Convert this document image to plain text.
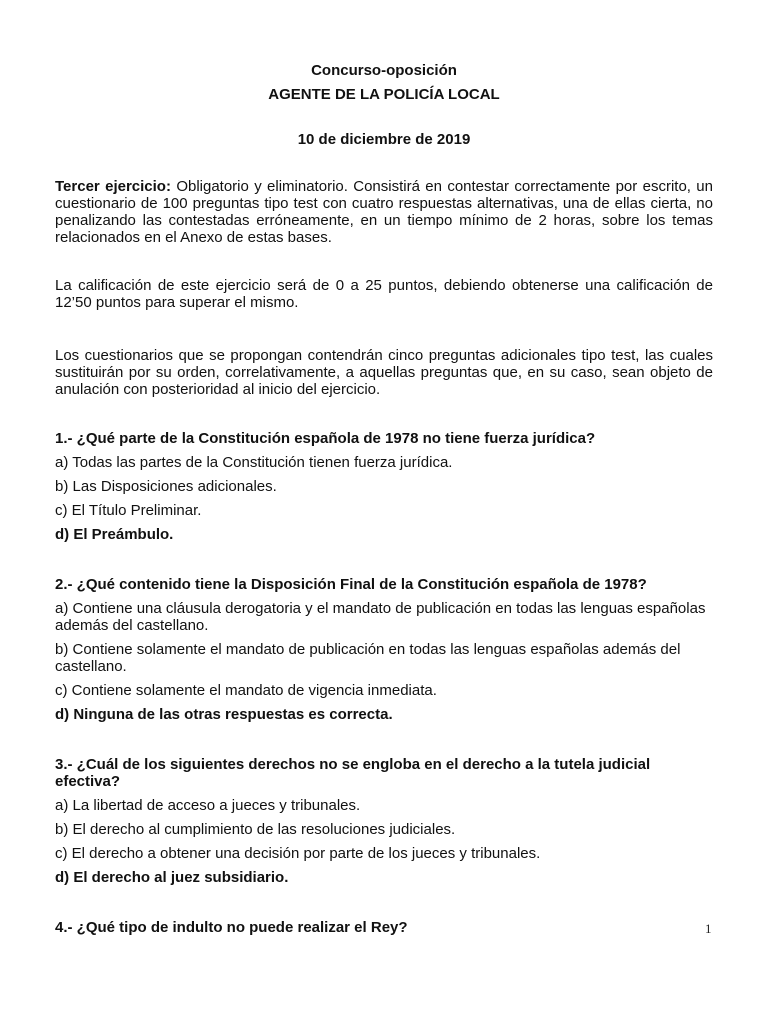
Concurso-oposición
AGENTE DE LA POLICÍA LOCAL
10 de diciembre de 2019

Tercer ejercicio: Obligatorio y eliminatorio. Consistirá en contestar correctamente por escrito, un cuestionario de 100 preguntas tipo test con cuatro respuestas alternativas, una de ellas cierta, no penalizando las contestadas erróneamente, en un tiempo mínimo de 2 horas, sobre los temas relacionados en el Anexo de estas bases.

La calificación de este ejercicio será de 0 a 25 puntos, debiendo obtenerse una calificación de 12’50 puntos para superar el mismo.

Los cuestionarios que se propongan contendrán cinco preguntas adicionales tipo test, las cuales sustituirán por su orden, correlativamente, a aquellas preguntas que, en su caso, sean objeto de anulación con posterioridad al inicio del ejercicio.

1.- ¿Qué parte de la Constitución española de 1978 no tiene fuerza jurídica?

a) Todas las partes de la Constitución tienen fuerza jurídica.

b) Las Disposiciones adicionales.

c) El Título Preliminar.

d) El Preámbulo.

2.- ¿Qué contenido tiene la Disposición Final de la Constitución española de 1978?

a) Contiene una cláusula derogatoria y el mandato de publicación en todas las lenguas españolas además del castellano.

b) Contiene solamente el mandato de publicación en todas las lenguas españolas además del castellano.

c) Contiene solamente el mandato de vigencia inmediata.

d) Ninguna de las otras respuestas es correcta.

3.- ¿Cuál de los siguientes derechos no se engloba en el derecho a la tutela judicial efectiva?

a) La libertad de acceso a jueces y tribunales.

b) El derecho al cumplimiento de las resoluciones judiciales.

c) El derecho a obtener una decisión por parte de los jueces y tribunales.

d) El derecho al juez subsidiario.

4.- ¿Qué tipo de indulto no puede realizar el Rey?	1
